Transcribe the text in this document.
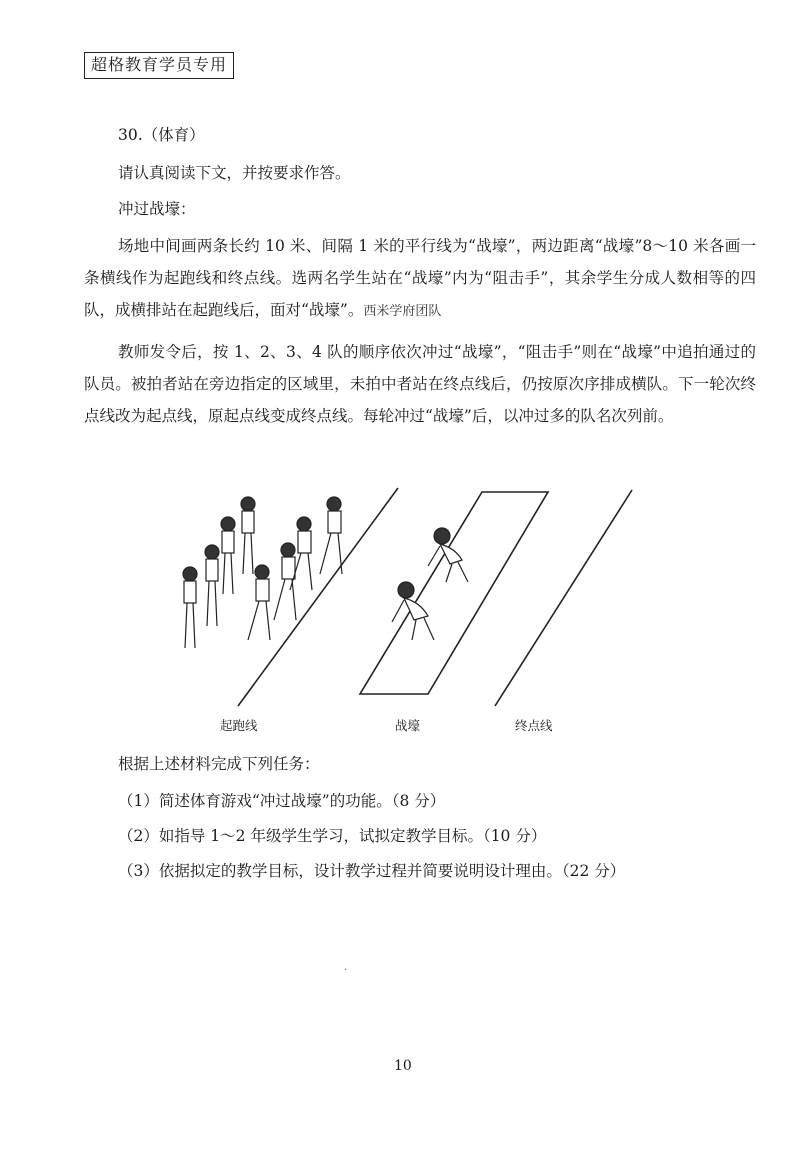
超格教育学员专用
30.（体育）
请认真阅读下文，并按要求作答。
冲过战壕：
场地中间画两条长约 10 米、间隔 1 米的平行线为“战壕”，两边距离“战壕”8～10 米各画一条横线作为起跑线和终点线。选两名学生站在“战壕”内为“阻击手”，其余学生分成人数相等的四队，成横排站在起跑线后，面对“战壕”。西米学府团队
教师发令后，按 1、2、3、4 队的顺序依次冲过“战壕”，“阻击手”则在“战壕”中追拍通过的队员。被拍者站在旁边指定的区域里，未拍中者站在终点线后，仍按原次序排成横队。下一轮次终点线改为起点线，原起点线变成终点线。每轮冲过“战壕”后，以冲过多的队名次列前。
起跑线	战壕	终点线
根据上述材料完成下列任务：
（1）简述体育游戏“冲过战壕”的功能。（8 分）
（2）如指导 1～2 年级学生学习，试拟定教学目标。（10 分）
（3）依据拟定的教学目标，设计教学过程并简要说明设计理由。（22 分）
.
10
